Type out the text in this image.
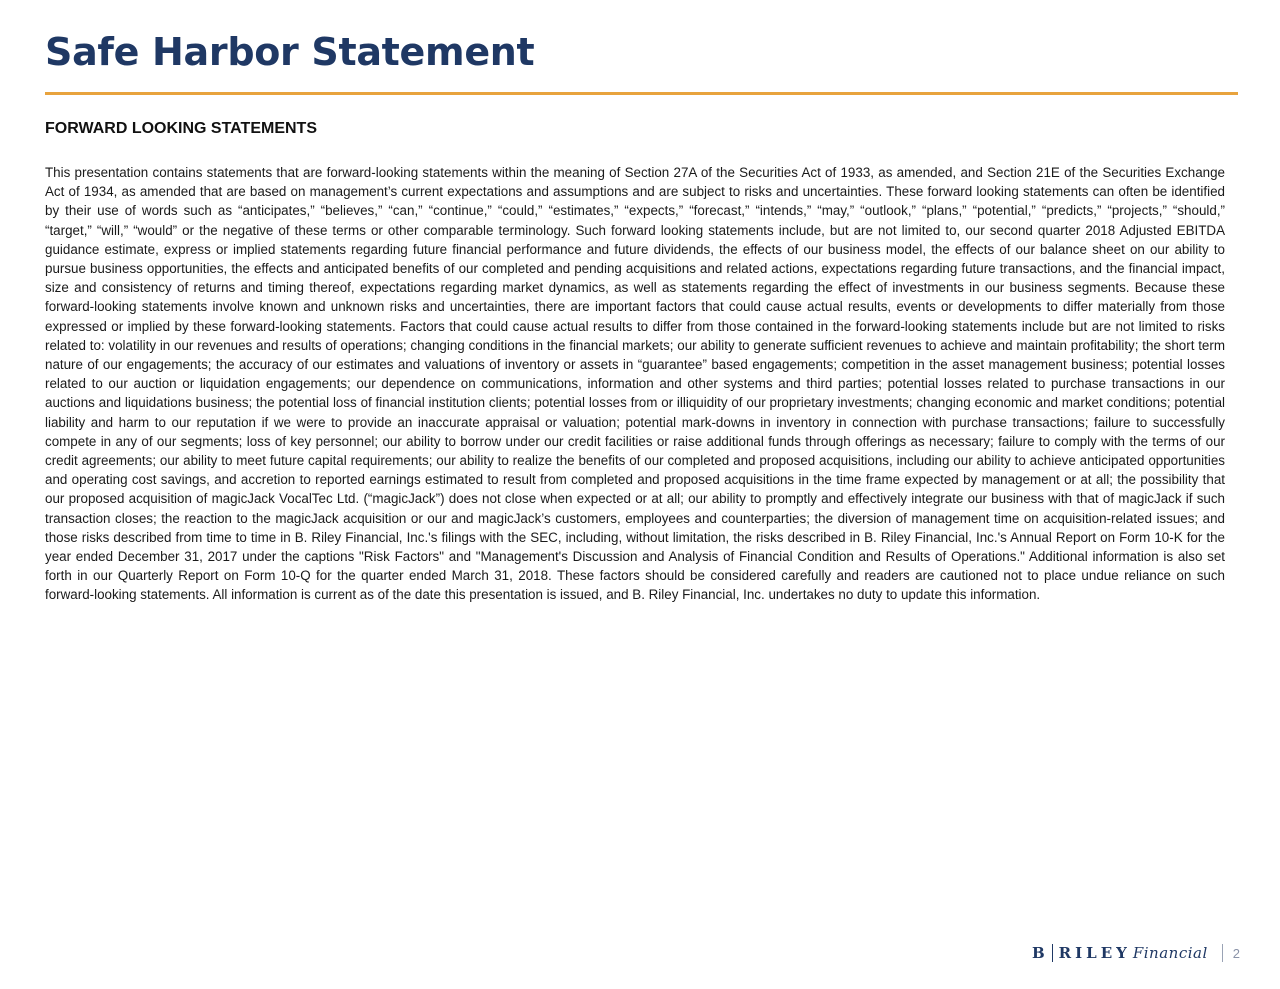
Safe Harbor Statement
FORWARD LOOKING STATEMENTS

This presentation contains statements that are forward-looking statements within the meaning of Section 27A of the Securities Act of 1933, as amended, and Section 21E of the Securities Exchange Act of 1934, as amended that are based on management’s current expectations and assumptions and are subject to risks and uncertainties. These forward looking statements can often be identified by their use of words such as “anticipates,” “believes,” “can,” “continue,” “could,” “estimates,” “expects,” “forecast,” “intends,” “may,” “outlook,” “plans,” “potential,” “predicts,” “projects,” “should,” “target,” “will,” “would” or the negative of these terms or other comparable terminology. Such forward looking statements include, but are not limited to, our second quarter 2018 Adjusted EBITDA guidance estimate, express or implied statements regarding future financial performance and future dividends, the effects of our business model, the effects of our balance sheet on our ability to pursue business opportunities, the effects and anticipated benefits of our completed and pending acquisitions and related actions, expectations regarding future transactions, and the financial impact, size and consistency of returns and timing thereof, expectations regarding market dynamics, as well as statements regarding the effect of investments in our business segments. Because these forward-looking statements involve known and unknown risks and uncertainties, there are important factors that could cause actual results, events or developments to differ materially from those expressed or implied by these forward-looking statements. Factors that could cause actual results to differ from those contained in the forward-looking statements include but are not limited to risks related to: volatility in our revenues and results of operations; changing conditions in the financial markets; our ability to generate sufficient revenues to achieve and maintain profitability; the short term nature of our engagements; the accuracy of our estimates and valuations of inventory or assets in “guarantee” based engagements; competition in the asset management business; potential losses related to our auction or liquidation engagements; our dependence on communications, information and other systems and third parties; potential losses related to purchase transactions in our auctions and liquidations business; the potential loss of financial institution clients; potential losses from or illiquidity of our proprietary investments; changing economic and market conditions; potential liability and harm to our reputation if we were to provide an inaccurate appraisal or valuation; potential mark-downs in inventory in connection with purchase transactions; failure to successfully compete in any of our segments; loss of key personnel; our ability to borrow under our credit facilities or raise additional funds through offerings as necessary; failure to comply with the terms of our credit agreements; our ability to meet future capital requirements; our ability to realize the benefits of our completed and proposed acquisitions, including our ability to achieve anticipated opportunities and operating cost savings, and accretion to reported earnings estimated to result from completed and proposed acquisitions in the time frame expected by management or at all; the possibility that our proposed acquisition of magicJack VocalTec Ltd. (“magicJack”) does not close when expected or at all; our ability to promptly and effectively integrate our business with that of magicJack if such transaction closes; the reaction to the magicJack acquisition or our and magicJack’s customers, employees and counterparties; the diversion of management time on acquisition-related issues; and those risks described from time to time in B. Riley Financial, Inc.'s filings with the SEC, including, without limitation, the risks described in B. Riley Financial, Inc.'s Annual Report on Form 10-K for the year ended December 31, 2017 under the captions "Risk Factors" and "Management's Discussion and Analysis of Financial Condition and Results of Operations." Additional information is also set forth in our Quarterly Report on Form 10-Q for the quarter ended March 31, 2018. These factors should be considered carefully and readers are cautioned not to place undue reliance on such forward-looking statements. All information is current as of the date this presentation is issued, and B. Riley Financial, Inc. undertakes no duty to update this information.

B RILEY Financial 2
